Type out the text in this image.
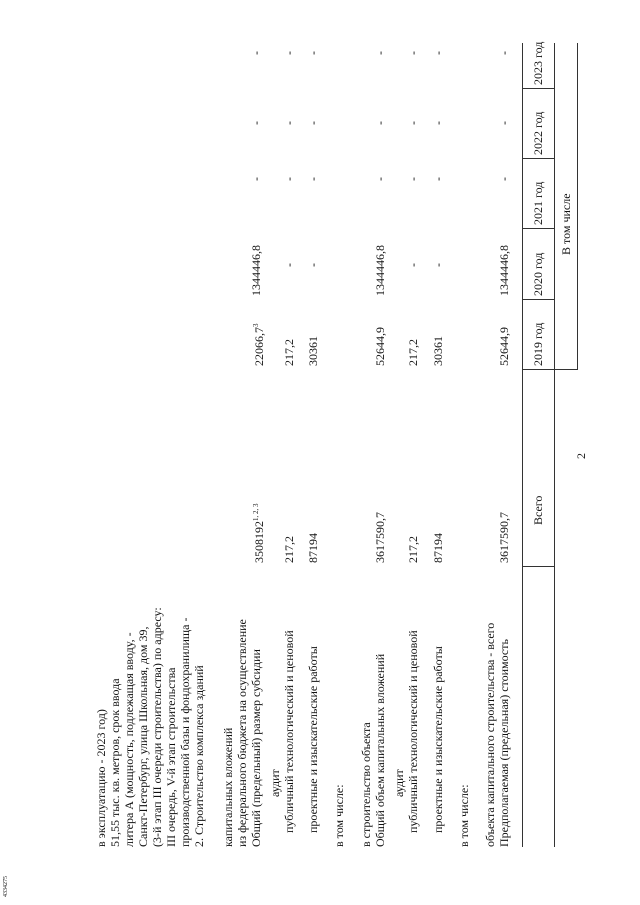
2
4334275
Всего
В том числе
2019 год
2020 год
2021 год
2022 год
2023 год
Предполагаемая (предельная) стоимость
объекта капитального строительства - всего
3617590,7
52644,9
1344446,8
-
-
-
в том числе:
проектные и изыскательские работы
87194
30361
-
-
-
-
публичный технологический и ценовой
аудит
217,2
217,2
-
-
-
-
Общий объем капитальных вложений
в строительство объекта
3617590,7
52644,9
1344446,8
-
-
-
в том числе:
проектные и изыскательские работы
87194
30361
-
-
-
-
публичный технологический и ценовой
аудит
217,2
217,2
-
-
-
-
Общий (предельный) размер субсидии
из федерального бюджета на осуществление
капитальных вложений
3508192$^{1, 2, 3}$
22066,7$^3$
1344446,8
-
-
-
2. Строительство комплекса зданий
производственной базы и фондохранилища -
III очередь, V-й этап строительства
(3-й этап III очереди строительства) по адресу:
Санкт-Петербург, улица Школьная, дом 39,
литера А (мощность, подлежащая вводу, -
51,55 тыс. кв. метров, срок ввода
в эксплуатацию - 2023 год)
